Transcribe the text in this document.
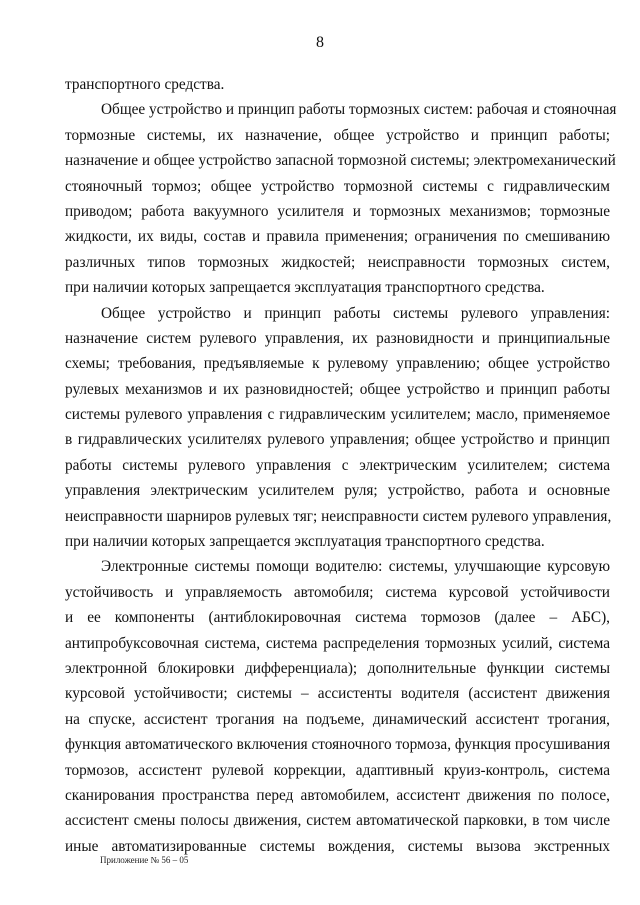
8
транспортного средства.
Общее устройство и принцип работы тормозных систем: рабочая и стояночная
тормозные системы, их назначение, общее устройство и принцип работы;
назначение и общее устройство запасной тормозной системы; электромеханический
стояночный тормоз; общее устройство тормозной системы с гидравлическим
приводом; работа вакуумного усилителя и тормозных механизмов; тормозные
жидкости, их виды, состав и правила применения; ограничения по смешиванию
различных типов тормозных жидкостей; неисправности тормозных систем,
при наличии которых запрещается эксплуатация транспортного средства.
Общее устройство и принцип работы системы рулевого управления:
назначение систем рулевого управления, их разновидности и принципиальные
схемы; требования, предъявляемые к рулевому управлению; общее устройство
рулевых механизмов и их разновидностей; общее устройство и принцип работы
системы рулевого управления с гидравлическим усилителем; масло, применяемое
в гидравлических усилителях рулевого управления; общее устройство и принцип
работы системы рулевого управления с электрическим усилителем; система
управления электрическим усилителем руля; устройство, работа и основные
неисправности шарниров рулевых тяг; неисправности систем рулевого управления,
при наличии которых запрещается эксплуатация транспортного средства.
Электронные системы помощи водителю: системы, улучшающие курсовую
устойчивость и управляемость автомобиля; система курсовой устойчивости
и ее компоненты (антиблокировочная система тормозов (далее – АБС),
антипробуксовочная система, система распределения тормозных усилий, система
электронной блокировки дифференциала); дополнительные функции системы
курсовой устойчивости; системы – ассистенты водителя (ассистент движения
на спуске, ассистент трогания на подъеме, динамический ассистент трогания,
функция автоматического включения стояночного тормоза, функция просушивания
тормозов, ассистент рулевой коррекции, адаптивный круиз-контроль, система
сканирования пространства перед автомобилем, ассистент движения по полосе,
ассистент смены полосы движения, систем автоматической парковки, в том числе
иные автоматизированные системы вождения, системы вызова экстренных
Приложение № 56 – 05
